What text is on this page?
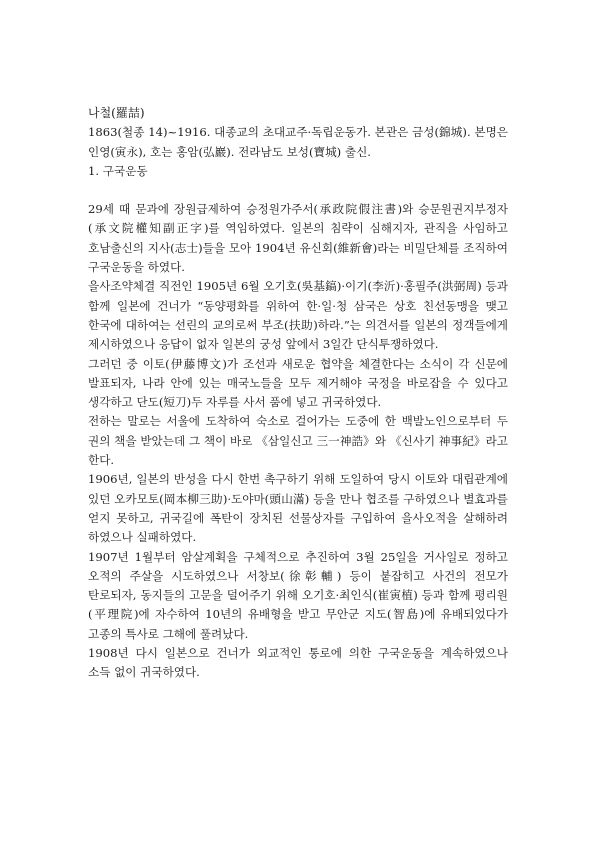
나철(羅喆)

1863(철종 14)~1916. 대종교의 초대교주·독립운동가. 본관은 금성(錦城). 본명은 인영(寅永), 호는 홍암(弘巖). 전라남도 보성(寶城) 출신.

1. 구국운동

29세 때 문과에 장원급제하여 승정원가주서(承政院假注書)와 승문원권지부정자(承文院權知副正字)를 역임하였다. 일본의 침략이 심해지자, 관직을 사임하고 호남출신의 지사(志士)들을 모아 1904년 유신회(維新會)라는 비밀단체를 조직하여 구국운동을 하였다.

을사조약체결 직전인 1905년 6월 오기호(吳基鎬)·이기(李沂)·홍필주(洪弼周) 등과 함께 일본에 건너가 “동양평화를 위하여 한·일·청 삼국은 상호 친선동맹을 맺고 한국에 대하여는 선린의 교의로써 부조(扶助)하라.”는 의견서를 일본의 정객들에게 제시하였으나 응답이 없자 일본의 궁성 앞에서 3일간 단식투쟁하였다.

그러던 중 이토(伊藤博文)가 조선과 새로운 협약을 체결한다는 소식이 각 신문에 발표되자, 나라 안에 있는 매국노들을 모두 제거해야 국정을 바로잡을 수 있다고 생각하고 단도(短刀)두 자루를 사서 품에 넣고 귀국하였다.

전하는 말로는 서울에 도착하여 숙소로 걸어가는 도중에 한 백발노인으로부터 두 권의 책을 받았는데 그 책이 바로 《삼일신고 三一神誥》와 《신사기 神事紀》라고 한다.

1906년, 일본의 반성을 다시 한번 촉구하기 위해 도일하여 당시 이토와 대립관계에 있던 오카모토(岡本柳三助)·도야마(頭山滿) 등을 만나 협조를 구하였으나 별효과를 얻지 못하고, 귀국길에 폭탄이 장치된 선물상자를 구입하여 을사오적을 살해하려 하였으나 실패하였다.

1907년 1월부터 암살계획을 구체적으로 추진하여 3월 25일을 거사일로 정하고 오적의 주살을 시도하였으나 서창보(徐彰輔) 등이 붙잡히고 사건의 전모가 탄로되자, 동지들의 고문을 덜어주기 위해 오기호·최인식(崔寅植) 등과 함께 평리원(平理院)에 자수하여 10년의 유배형을 받고 무안군 지도(智島)에 유배되었다가 고종의 특사로 그해에 풀려났다.

1908년 다시 일본으로 건너가 외교적인 통로에 의한 구국운동을 계속하였으나 소득 없이 귀국하였다.
